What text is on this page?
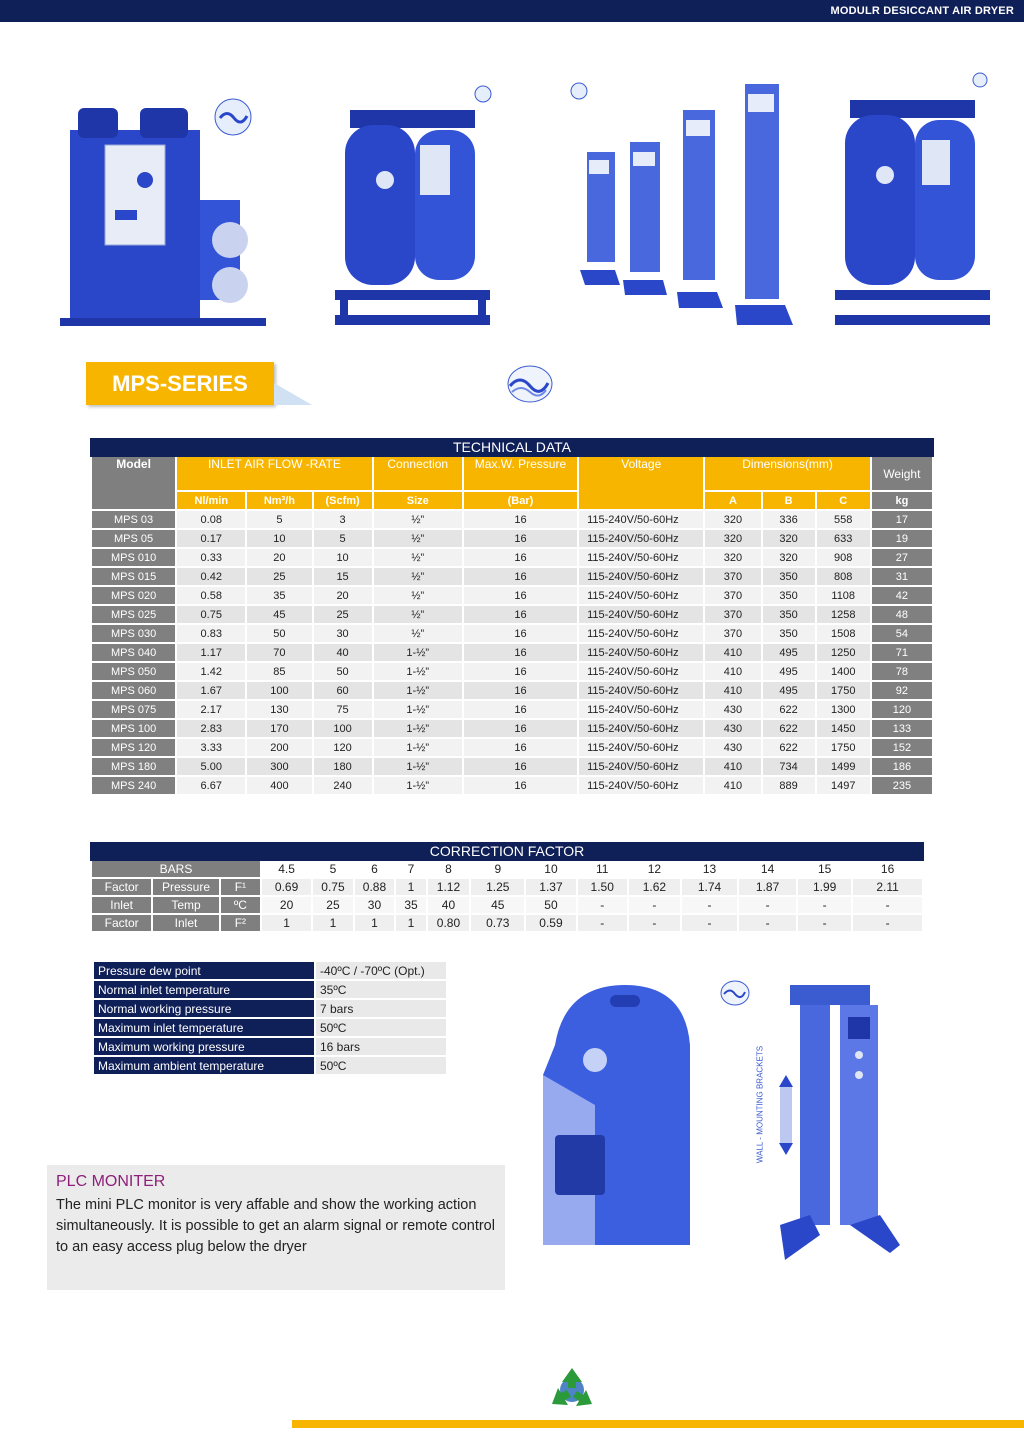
MODULR DESICCANT AIR DRYER
MPS-SERIES
TECHNICAL DATA
Model	INLET AIR FLOW -RATE			Connection	Max.W. Pressure	Voltage	Dimensions(mm)			Weight
	Nl/min	Nm³/h	(Scfm)	Size	(Bar)		A	B	C	kg
MPS 03	0.08	5	3	½”	16	115-240V/50-60Hz	320	336	558	17
MPS 05	0.17	10	5	½”	16	115-240V/50-60Hz	320	320	633	19
MPS 010	0.33	20	10	½”	16	115-240V/50-60Hz	320	320	908	27
MPS 015	0.42	25	15	½”	16	115-240V/50-60Hz	370	350	808	31
MPS 020	0.58	35	20	½”	16	115-240V/50-60Hz	370	350	1108	42
MPS 025	0.75	45	25	½”	16	115-240V/50-60Hz	370	350	1258	48
MPS 030	0.83	50	30	½”	16	115-240V/50-60Hz	370	350	1508	54
MPS 040	1.17	70	40	1-½”	16	115-240V/50-60Hz	410	495	1250	71
MPS 050	1.42	85	50	1-½”	16	115-240V/50-60Hz	410	495	1400	78
MPS 060	1.67	100	60	1-½”	16	115-240V/50-60Hz	410	495	1750	92
MPS 075	2.17	130	75	1-½”	16	115-240V/50-60Hz	430	622	1300	120
MPS 100	2.83	170	100	1-½”	16	115-240V/50-60Hz	430	622	1450	133
MPS 120	3.33	200	120	1-½”	16	115-240V/50-60Hz	430	622	1750	152
MPS 180	5.00	300	180	1-½”	16	115-240V/50-60Hz	410	734	1499	186
MPS 240	6.67	400	240	1-½”	16	115-240V/50-60Hz	410	889	1497	235
CORRECTION FACTOR
BARS			4.5	5	6	7	8	9	10	11	12	13	14	15	16
Factor	Pressure	F¹	0.69	0.75	0.88	1	1.12	1.25	1.37	1.50	1.62	1.74	1.87	1.99	2.11
Inlet	Temp	ºC	20	25	30	35	40	45	50	-	-	-	-	-	-
Factor	Inlet	F²	1	1	1	1	0.80	0.73	0.59	-	-	-	-	-	-
Pressure dew point	-40ºC / -70ºC (Opt.)
Normal inlet temperature	35ºC
Normal working pressure	7 bars
Maximum inlet temperature	50ºC
Maximum working pressure	16 bars
Maximum ambient temperature	50ºC	WALL - MOUNTING BRACKETS
PLC MONITER

The mini PLC monitor is very affable and show the working action simultaneously. It is possible to get an alarm signal or remote control to an easy access plug below the dryer
